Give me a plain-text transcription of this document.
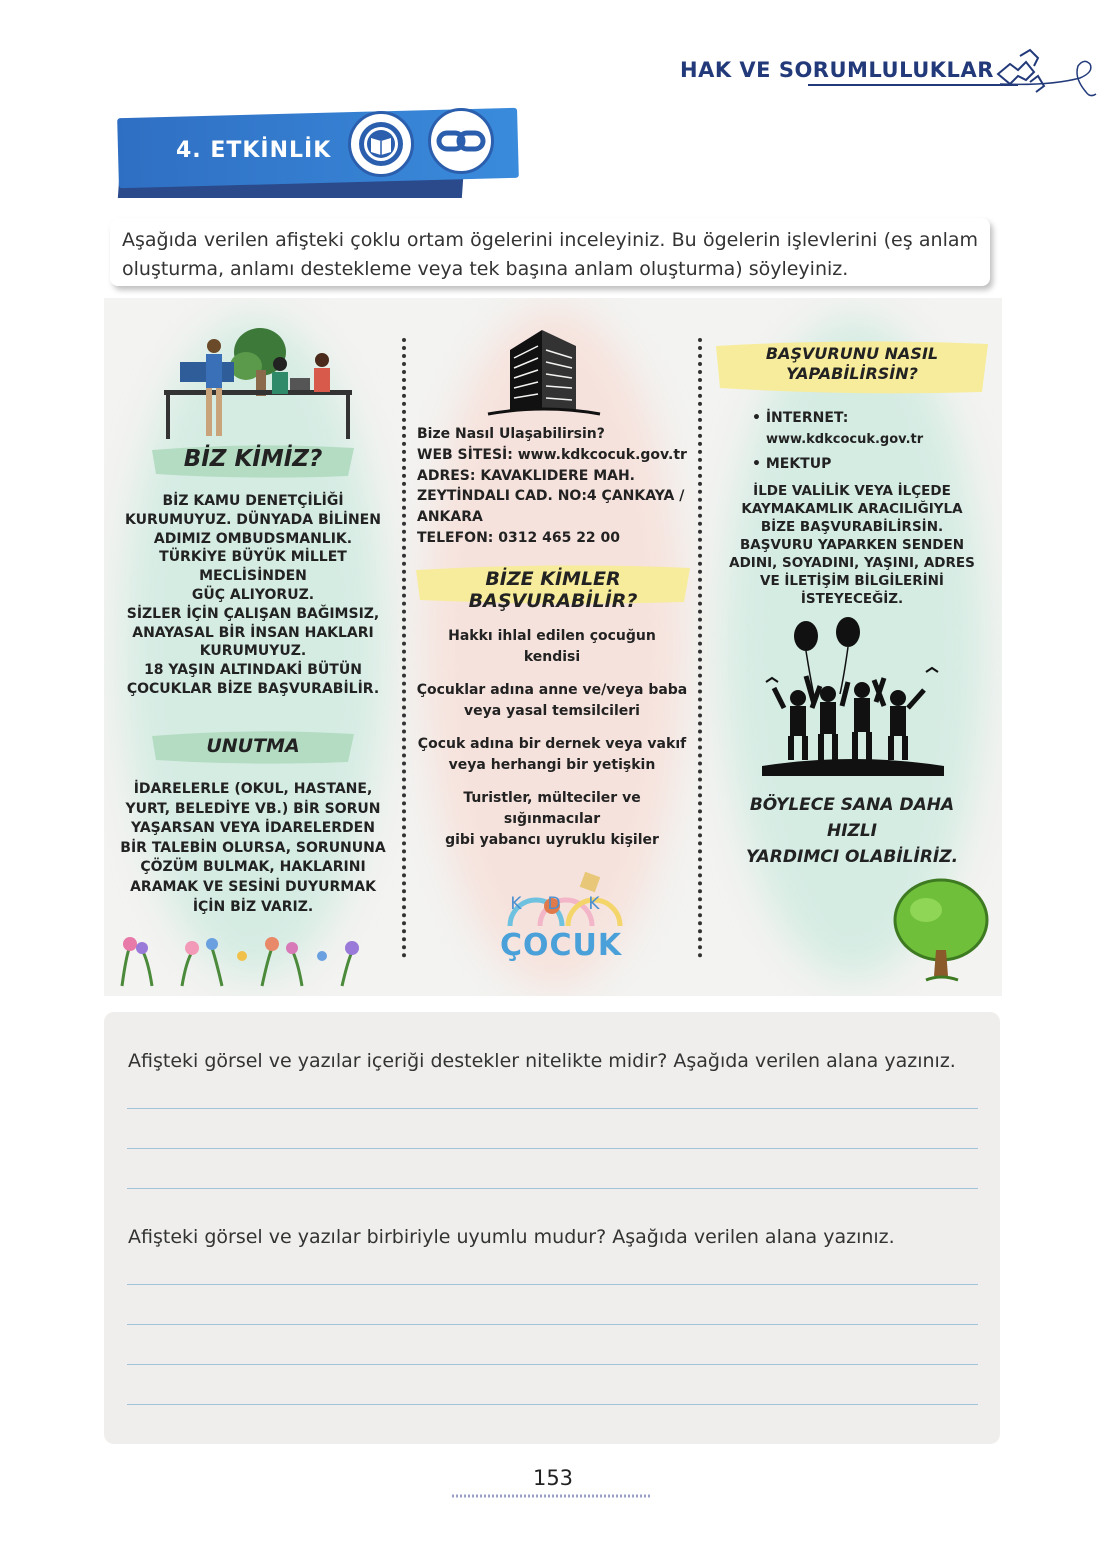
HAK VE SORUMLULUKLAR
4. ETKİNLİK
Aşağıda verilen afişteki çoklu ortam ögelerini inceleyiniz. Bu ögelerin işlevlerini (eş anlam oluşturma, anlamı destekleme veya tek başına anlam oluşturma) söyleyiniz.
BİZ KİMİZ?
BİZ KAMU DENETÇİLİĞİ
KURUMUYUZ. DÜNYADA BİLİNEN
ADIMIZ OMBUDSMANLIK.
TÜRKİYE BÜYÜK MİLLET
MECLİSİNDEN
GÜÇ ALIYORUZ.
SİZLER İÇİN ÇALIŞAN BAĞIMSIZ,
ANAYASAL BİR İNSAN HAKLARI
KURUMUYUZ.
18 YAŞIN ALTINDAKİ BÜTÜN
ÇOCUKLAR BİZE BAŞVURABİLİR.
UNUTMA
İDARELERLE (OKUL, HASTANE,
YURT, BELEDİYE VB.) BİR SORUN
YAŞARSAN VEYA İDARELERDEN
BİR TALEBİN OLURSA, SORUNUNA
ÇÖZÜM BULMAK, HAKLARINI
ARAMAK VE SESİNİ DUYURMAK
İÇİN BİZ VARIZ.
Bize Nasıl Ulaşabilirsin?
WEB SİTESİ: www.kdkcocuk.gov.tr
ADRES: KAVAKLIDERE MAH.
ZEYTİNDALI CAD. NO:4 ÇANKAYA /
ANKARA
TELEFON: 0312 465 22 00
BİZE KİMLER BAŞVURABİLİR?
Hakkı ihlal edilen çocuğun
kendisi
Çocuklar adına anne ve/veya baba
veya yasal temsilcileri
Çocuk adına bir dernek veya vakıf
veya herhangi bir yetişkin
Turistler, mülteciler ve
sığınmacılar
gibi yabancı uyruklu kişiler
K D K
ÇOCUK
BAŞVURUNU NASIL
YAPABİLİRSİN?
• İNTERNET:
www.kdkcocuk.gov.tr
• MEKTUP
İLDE VALİLİK VEYA İLÇEDE
KAYMAKAMLIK ARACILIĞIYLA
BİZE BAŞVURABİLİRSİN.
BAŞVURU YAPARKEN SENDEN
ADINI, SOYADINI, YAŞINI, ADRES
VE İLETİŞİM BİLGİLERİNİ
İSTEYECEĞİZ.
BÖYLECE SANA DAHA
HIZLI
YARDIMCI OLABİLİRİZ.
Afişteki görsel ve yazılar içeriği destekler nitelikte midir? Aşağıda verilen alana yazınız.
Afişteki görsel ve yazılar birbiriyle uyumlu mudur? Aşağıda verilen alana yazınız.
153
